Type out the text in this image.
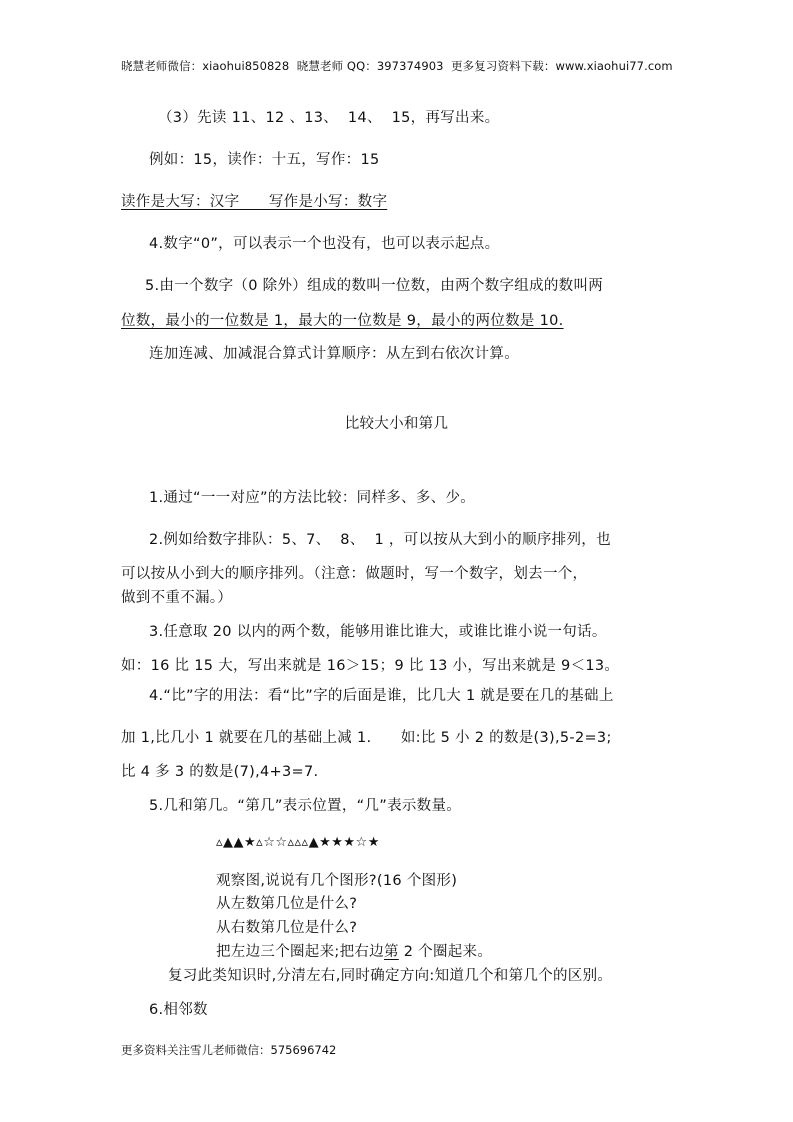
晓慧老师微信：xiaohui850828  晓慧老师 QQ：397374903  更多复习资料下载：www.xiaohui77.com
（3）先读 11、12 、13、  14、  15，再写出来。
例如：15，读作：十五，写作：15
读作是大写：汉字      写作是小写：数字
4.数字“0”，可以表示一个也没有，也可以表示起点。
5.由一个数字（0 除外）组成的数叫一位数，由两个数字组成的数叫两
位数，最小的一位数是 1，最大的一位数是 9，最小的两位数是 10.
连加连减、加减混合算式计算顺序：从左到右依次计算。
比较大小和第几
1.通过“一一对应”的方法比较：同样多、多、少。
2.例如给数字排队：5、7、  8、  1 ，可以按从大到小的顺序排列，也
可以按从小到大的顺序排列。（注意：做题时，写一个数字，划去一个，
做到不重不漏。）
3.任意取 20 以内的两个数，能够用谁比谁大，或谁比谁小说一句话。
如：16 比 15 大，写出来就是 16＞15；9 比 13 小，写出来就是 9＜13。
4.“比”字的用法：看“比”字的后面是谁，比几大 1 就是要在几的基础上
加 1,比几小 1 就要在几的基础上减 1.      如:比 5 小 2 的数是(3),5-2=3;
比 4 多 3 的数是(7),4+3=7.
5.几和第几。“第几”表示位置，“几”表示数量。
▵▲▲★▵☆☆▵▵▵▲★★★☆★
观察图,说说有几个图形?(16 个图形)
从左数第几位是什么?
从右数第几位是什么?
把左边三个圈起来;把右边第 2 个圈起来。
复习此类知识时,分清左右,同时确定方向:知道几个和第几个的区别。
6.相邻数
更多资料关注雪儿老师微信：575696742
